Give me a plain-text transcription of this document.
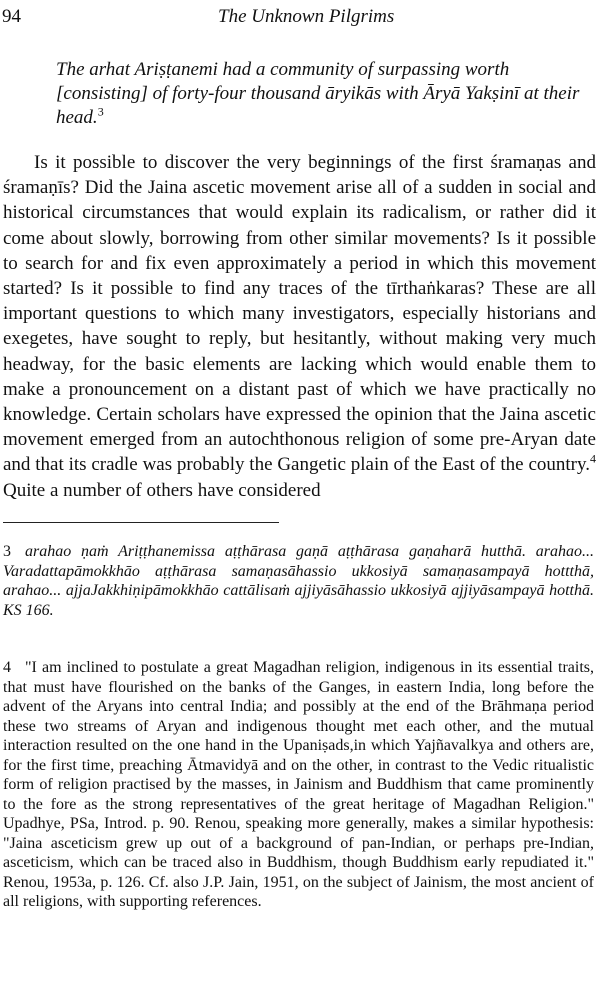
94	The Unknown Pilgrims
The arhat Ariṣṭanemi had a community of surpassing worth [consisting] of forty-four thousand āryikās with Āryā Yakṣinī at their head.$^3$
Is it possible to discover the very beginnings of the first śramaṇas and śramaṇīs? Did the Jaina ascetic movement arise all of a sudden in social and historical circumstances that would explain its radicalism, or rather did it come about slowly, borrowing from other similar movements? Is it possible to search for and fix even approximately a period in which this movement started? Is it possible to find any traces of the tīrthaṅkaras? These are all important questions to which many investigators, especially historians and exegetes, have sought to reply, but hesitantly, without making very much headway, for the basic elements are lacking which would enable them to make a pronouncement on a distant past of which we have practically no knowledge. Certain scholars have expressed the opinion that the Jaina ascetic movement emerged from an autochthonous religion of some pre-Aryan date and that its cradle was probably the Gangetic plain of the East of the country.$^4$ Quite a number of others have considered
3 arahao ṇaṁ Ariṭṭhanemissa aṭṭhārasa gaṇā aṭṭhārasa gaṇaharā hutthā. arahao... Varadattapāmokkhāo aṭṭhārasa samaṇasāhassio ukkosiyā samaṇasampayā hottthā, arahao... ajjaJakkhiṇipāmokkhāo cattālisaṁ ajjiyāsāhassio ukkosiyā ajjiyāsampayā hotthā. KS 166.
4 "I am inclined to postulate a great Magadhan religion, indigenous in its essential traits, that must have flourished on the banks of the Ganges, in eastern India, long before the advent of the Aryans into central India; and possibly at the end of the Brāhmaṇa period these two streams of Aryan and indigenous thought met each other, and the mutual interaction resulted on the one hand in the Upaniṣads,in which Yajñavalkya and others are, for the first time, preaching Ātmavidyā and on the other, in contrast to the Vedic ritualistic form of religion practised by the masses, in Jainism and Buddhism that came prominently to the fore as the strong representatives of the great heritage of Magadhan Religion." Upadhye, PSa, Introd. p. 90. Renou, speaking more generally, makes a similar hypothesis: "Jaina asceticism grew up out of a background of pan-Indian, or perhaps pre-Indian, asceticism, which can be traced also in Buddhism, though Buddhism early repudiated it." Renou, 1953a, p. 126. Cf. also J.P. Jain, 1951, on the subject of Jainism, the most ancient of all religions, with supporting references.
